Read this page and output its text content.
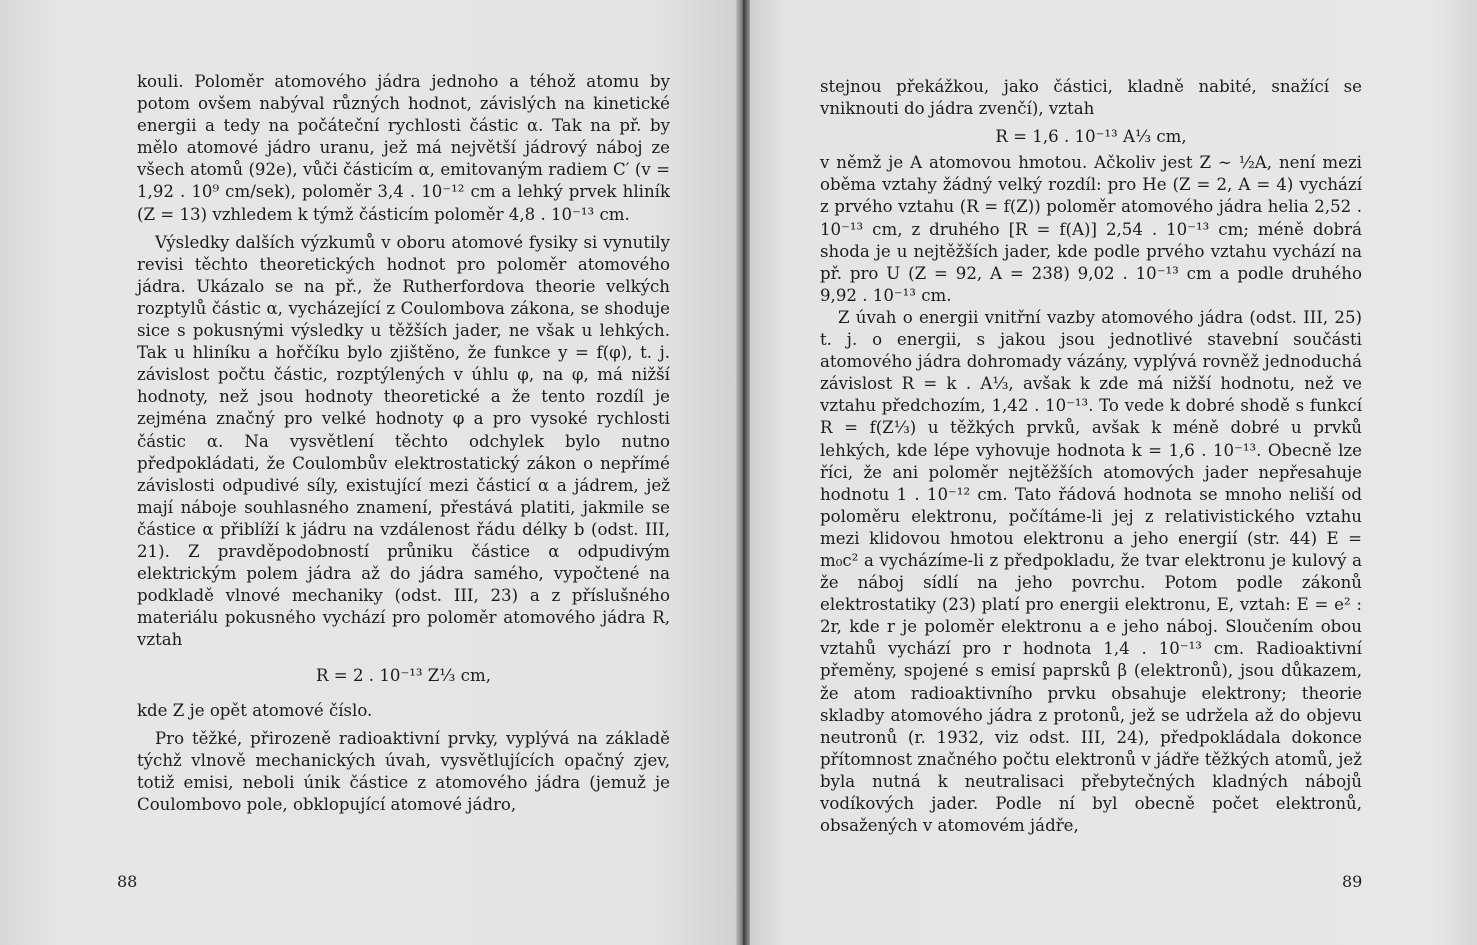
kouli. Poloměr atomového jádra jednoho a téhož atomu by potom ovšem nabýval různých hodnot, závislých na kinetické energii a tedy na počáteční rychlosti částic α. Tak na př. by mělo atomové jádro uranu, jež má největší jádrový náboj ze všech atomů (92e), vůči částicím α, emitovaným radiem C′ (v = 1,92 . 10⁹ cm/sek), poloměr 3,4 . 10⁻¹² cm a lehký prvek hliník (Z = 13) vzhledem k týmž částicím poloměr 4,8 . 10⁻¹³ cm.

Výsledky dalších výzkumů v oboru atomové fysiky si vynutily revisi těchto theoretických hodnot pro poloměr atomového jádra. Ukázalo se na př., že Rutherfordova theorie velkých rozptylů částic α, vycházející z Coulombova zákona, se shoduje sice s pokusnými výsledky u těžších jader, ne však u lehkých. Tak u hliníku a hořčíku bylo zjištěno, že funkce y = f(φ), t. j. závislost počtu částic, rozptýlených v úhlu φ, na φ, má nižší hodnoty, než jsou hodnoty theoretické a že tento rozdíl je zejména značný pro velké hodnoty φ a pro vysoké rychlosti částic α. Na vysvětlení těchto odchylek bylo nutno předpokládati, že Coulombův elektrostatický zákon o nepřímé závislosti odpudivé síly, existující mezi částicí α a jádrem, jež mají náboje souhlasného znamení, přestává platiti, jakmile se částice α přiblíží k jádru na vzdálenost řádu délky b (odst. III, 21). Z pravděpodobností průniku částice α odpudivým elektrickým polem jádra až do jádra samého, vypočtené na podkladě vlnové mechaniky (odst. III, 23) a z příslušného materiálu pokusného vychází pro poloměr atomového jádra R, vztah

R = 2 . 10⁻¹³ Z⅓ cm,

kde Z je opět atomové číslo.

Pro těžké, přirozeně radioaktivní prvky, vyplývá na základě týchž vlnově mechanických úvah, vysvětlujících opačný zjev, totiž emisi, neboli únik částice z atomového jádra (jemuž je Coulombovo pole, obklopující atomové jádro,

88

stejnou překážkou, jako částici, kladně nabité, snažící se vniknouti do jádra zvenčí), vztah

R = 1,6 . 10⁻¹³ A⅓ cm,

v němž je A atomovou hmotou. Ačkoliv jest Z ∼ ½A, není mezi oběma vztahy žádný velký rozdíl: pro He (Z = 2, A = 4) vychází z prvého vztahu (R = f(Z)) poloměr atomového jádra helia 2,52 . 10⁻¹³ cm, z druhého [R = f(A)] 2,54 . 10⁻¹³ cm; méně dobrá shoda je u nejtěžších jader, kde podle prvého vztahu vychází na př. pro U (Z = 92, A = 238) 9,02 . 10⁻¹³ cm a podle druhého 9,92 . 10⁻¹³ cm.

Z úvah o energii vnitřní vazby atomového jádra (odst. III, 25) t. j. o energii, s jakou jsou jednotlivé stavební součásti atomového jádra dohromady vázány, vyplývá rovněž jednoduchá závislost R = k . A⅓, avšak k zde má nižší hodnotu, než ve vztahu předchozím, 1,42 . 10⁻¹³. To vede k dobré shodě s funkcí R = f(Z⅓) u těžkých prvků, avšak k méně dobré u prvků lehkých, kde lépe vyhovuje hodnota k = 1,6 . 10⁻¹³. Obecně lze říci, že ani poloměr nejtěžších atomových jader nepřesahuje hodnotu 1 . 10⁻¹² cm. Tato řádová hodnota se mnoho neliší od poloměru elektronu, počítáme-li jej z relativistického vztahu mezi klidovou hmotou elektronu a jeho energií (str. 44) E = m₀c² a vycházíme-li z předpokladu, že tvar elektronu je kulový a že náboj sídlí na jeho povrchu. Potom podle zákonů elektrostatiky (23) platí pro energii elektronu, E, vztah: E = e² : 2r, kde r je poloměr elektronu a e jeho náboj. Sloučením obou vztahů vychází pro r hodnota 1,4 . 10⁻¹³ cm. Radioaktivní přeměny, spojené s emisí paprsků β (elektronů), jsou důkazem, že atom radioaktivního prvku obsahuje elektrony; theorie skladby atomového jádra z protonů, jež se udržela až do objevu neutronů (r. 1932, viz odst. III, 24), předpokládala dokonce přítomnost značného počtu elektronů v jádře těžkých atomů, jež byla nutná k neutralisaci přebytečných kladných nábojů vodíkových jader. Podle ní byl obecně počet elektronů, obsažených v atomovém jádře,

89
